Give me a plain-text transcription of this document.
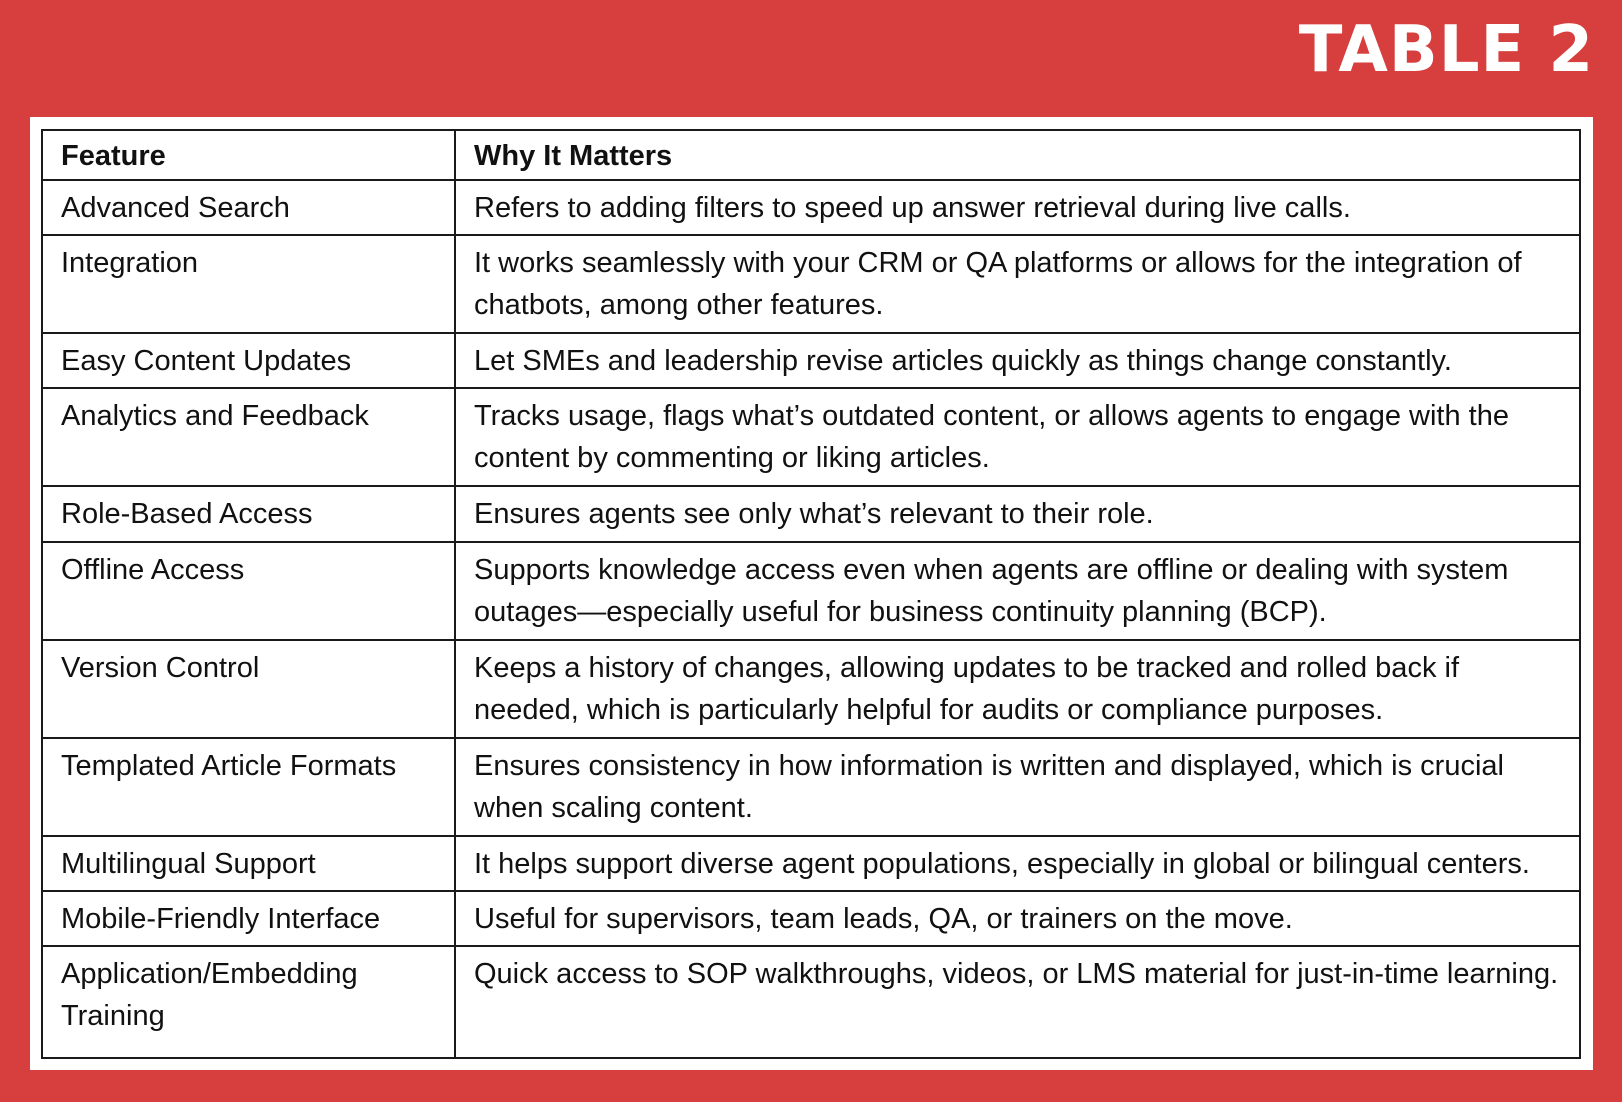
TABLE 2
Feature	Why It Matters
Advanced Search	Refers to adding filters to speed up answer retrieval during live calls.
Integration	It works seamlessly with your CRM or QA platforms or allows for the integration of chatbots, among other features.
Easy Content Updates	Let SMEs and leadership revise articles quickly as things change constantly.
Analytics and Feedback	Tracks usage, flags what’s outdated content, or allows agents to engage with the content by commenting or liking articles.
Role-Based Access	Ensures agents see only what’s relevant to their role.
Offline Access	Supports knowledge access even when agents are offline or dealing with system outages—especially useful for business continuity planning (BCP).
Version Control	Keeps a history of changes, allowing updates to be tracked and rolled back if needed, which is particularly helpful for audits or compliance purposes.
Templated Article Formats	Ensures consistency in how information is written and displayed, which is crucial when scaling content.
Multilingual Support	It helps support diverse agent populations, especially in global or bilingual centers.
Mobile-Friendly Interface	Useful for supervisors, team leads, QA, or trainers on the move.
Application/Embedding Training	Quick access to SOP walkthroughs, videos, or LMS material for just-in-time learning.
